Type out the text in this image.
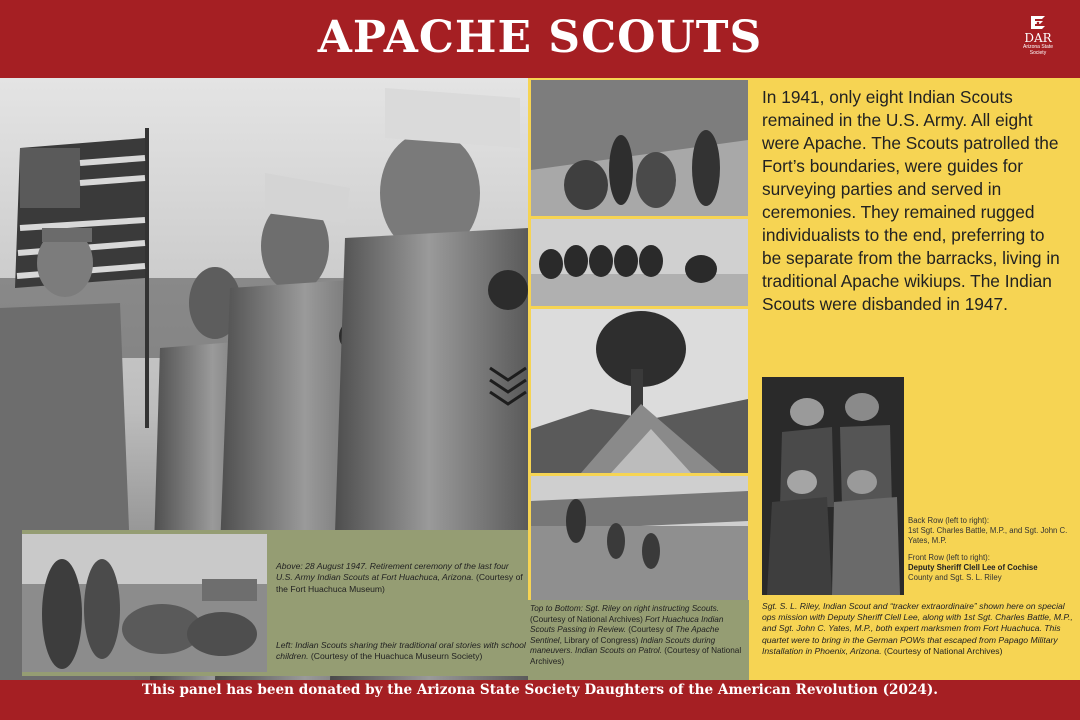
APACHE SCOUTS	DAR
Arizona State Society
Above: 28 August 1947. Retirement ceremony of the last four U.S. Army Indian Scouts at Fort Huachuca, Arizona. (Courtesy of the Fort Huachuca Museum)
Left: Indian Scouts sharing their traditional oral stories with school children. (Courtesy of the Huachuca Museurn Society)
Top to Bottom: Sgt. Riley on right instructing Scouts. (Courtesy of National Archives) Fort Huachuca Indian Scouts Passing in Review. (Courtesy of The Apache Sentinel, Library of Congress) Indian Scouts during maneuvers. Indian Scouts on Patrol. (Courtesy of National Archives)
In 1941, only eight Indian Scouts remained in the U.S. Army. All eight were Apache. The Scouts patrolled the Fort’s boundaries, were guides for surveying parties and served in ceremonies. They remained rugged individualists to the end, preferring to be separate from the barracks, living in traditional Apache wikiups. The Indian Scouts were disbanded in 1947.
Back Row (left to right):
1st Sgt. Charles Battle, M.P., and Sgt. John C. Yates, M.P.
Front Row (left to right):
Deputy Sheriff Clell Lee of Cochise
County and Sgt. S. L. Riley
Sgt. S. L. Riley, Indian Scout and “tracker extraordinaire” shown here on special ops mission with Deputy Sheriff Clell Lee, along with 1st Sgt. Charles Battle, M.P., and Sgt. John C. Yates, M.P., both expert marksmen from Fort Huachuca. This quartet were to bring in the German POWs that escaped from Papago Military Installation in Phoenix, Arizona. (Courtesy of National Archives)
This panel has been donated by the Arizona State Society Daughters of the American Revolution (2024).
